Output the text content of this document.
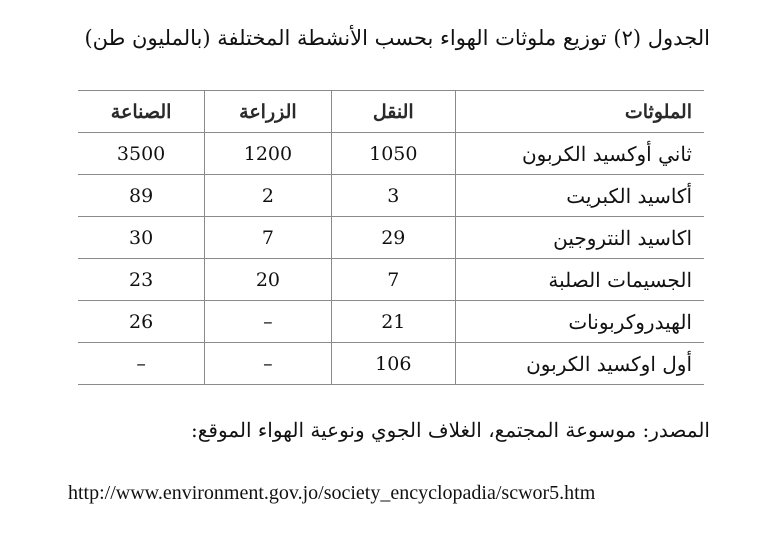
الجدول (٢) توزيع ملوثات الهواء بحسب الأنشطة المختلفة (بالمليون طن)
الملوثات	النقل	الزراعة	الصناعة
ثاني أوكسيد الكربون	1050	1200	3500
أكاسيد الكبريت	3	2	89
اكاسيد النتروجين	29	7	30
الجسيمات الصلبة	7	20	23
الهيدروكربونات	21	–	26
أول اوكسيد الكربون	106	–	–
المصدر: موسوعة المجتمع، الغلاف الجوي ونوعية الهواء الموقع:
http://www.environment.gov.jo/society_encyclopadia/scwor5.htm
